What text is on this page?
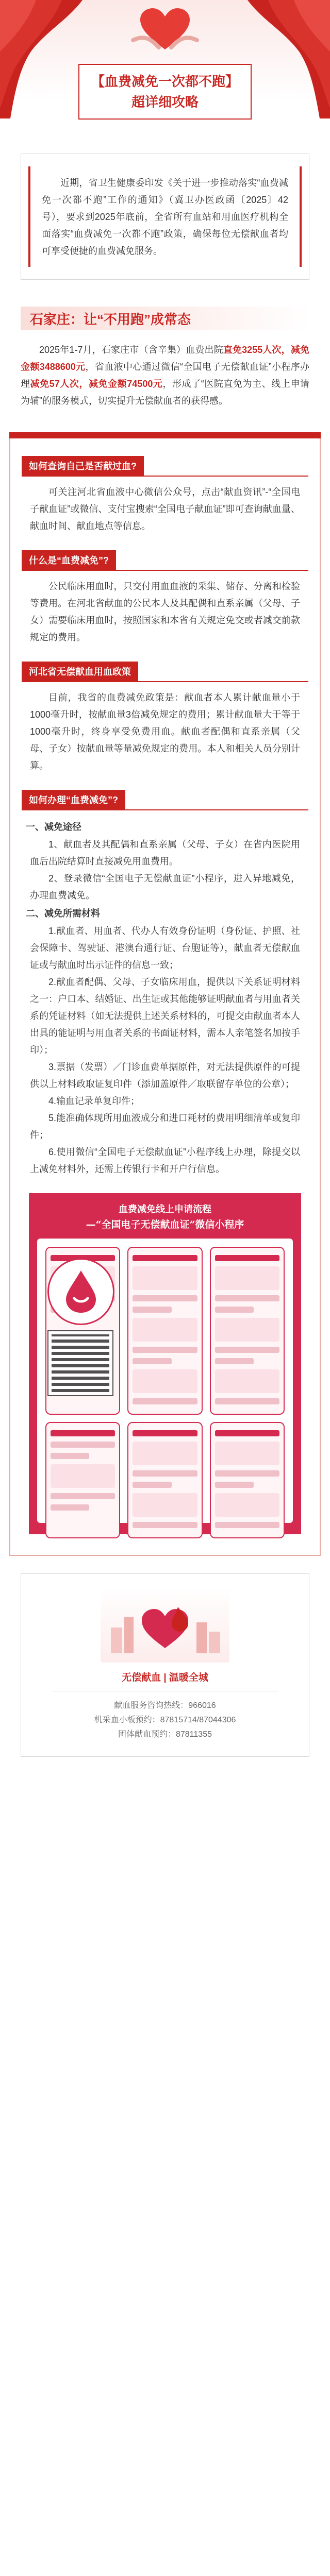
【血费减免一次都不跑】
超详细攻略

近期，省卫生健康委印发《关于进一步推动落实“血费减免一次都不跑”工作的通知》（冀卫办医政函〔2025〕42号），要求到2025年底前，全省所有血站和用血医疗机构全面落实“血费减免一次都不跑”政策，确保每位无偿献血者均可享受便捷的血费减免服务。

石家庄：让“不用跑”成常态

2025年1-7月，石家庄市（含辛集）血费出院直免3255人次，减免金额3488600元，省血液中心通过微信“全国电子无偿献血证”小程序办理减免57人次，减免金额74500元，形成了“医院直免为主、线上申请为辅”的服务模式，切实提升无偿献血者的获得感。

如何查询自己是否献过血?

可关注河北省血液中心微信公众号，点击“献血资讯”-“全国电子献血证”或微信、支付宝搜索“全国电子献血证”即可查询献血量、献血时间、献血地点等信息。

什么是“血费减免”?

公民临床用血时，只交付用血血液的采集、储存、分离和检验等费用。在河北省献血的公民本人及其配偶和直系亲属（父母、子女）需要临床用血时，按照国家和本省有关规定免交或者减交前款规定的费用。

河北省无偿献血用血政策

目前，我省的血费减免政策是：献血者本人累计献血量小于1000毫升时，按献血量3倍减免规定的费用；累计献血量大于等于1000毫升时，终身享受免费用血。献血者配偶和直系亲属（父母、子女）按献血量等量减免规定的费用。本人和相关人员分别计算。

如何办理“血费减免”?
一、减免途径

1、献血者及其配偶和直系亲属（父母、子女）在省内医院用血后出院结算时直接减免用血费用。

2、登录微信“全国电子无偿献血证”小程序，进入异地减免，办理血费减免。

二、减免所需材料

1.献血者、用血者、代办人有效身份证明（身份证、护照、社会保障卡、驾驶证、港澳台通行证、台胞证等），献血者无偿献血证或与献血时出示证件的信息一致；

2.献血者配偶、父母、子女临床用血，提供以下关系证明材料之一：户口本、结婚证、出生证或其他能够证明献血者与用血者关系的凭证材料（如无法提供上述关系材料的，可提交由献血者本人出具的能证明与用血者关系的书面证材料，需本人亲笔签名加按手印）；

3.票据（发票）／门诊血费单据原件，对无法提供原件的可提供以上材料政取证复印件（添加盖原件／取联留存单位的公章）；

4.输血记录单复印件；

5.能准确体现所用血液成分和进口耗材的费用明细清单或复印件；

6.使用微信“全国电子无偿献血证”小程序线上办理，除提交以上减免材料外，还需上传银行卡和开户行信息。

血费减免线上申请流程
—“全国电子无偿献血证”微信小程序
无偿献血 | 温暖全城
献血服务咨询热线：966016
机采血小板预约：87815714/87044306
团体献血预约：87811355
